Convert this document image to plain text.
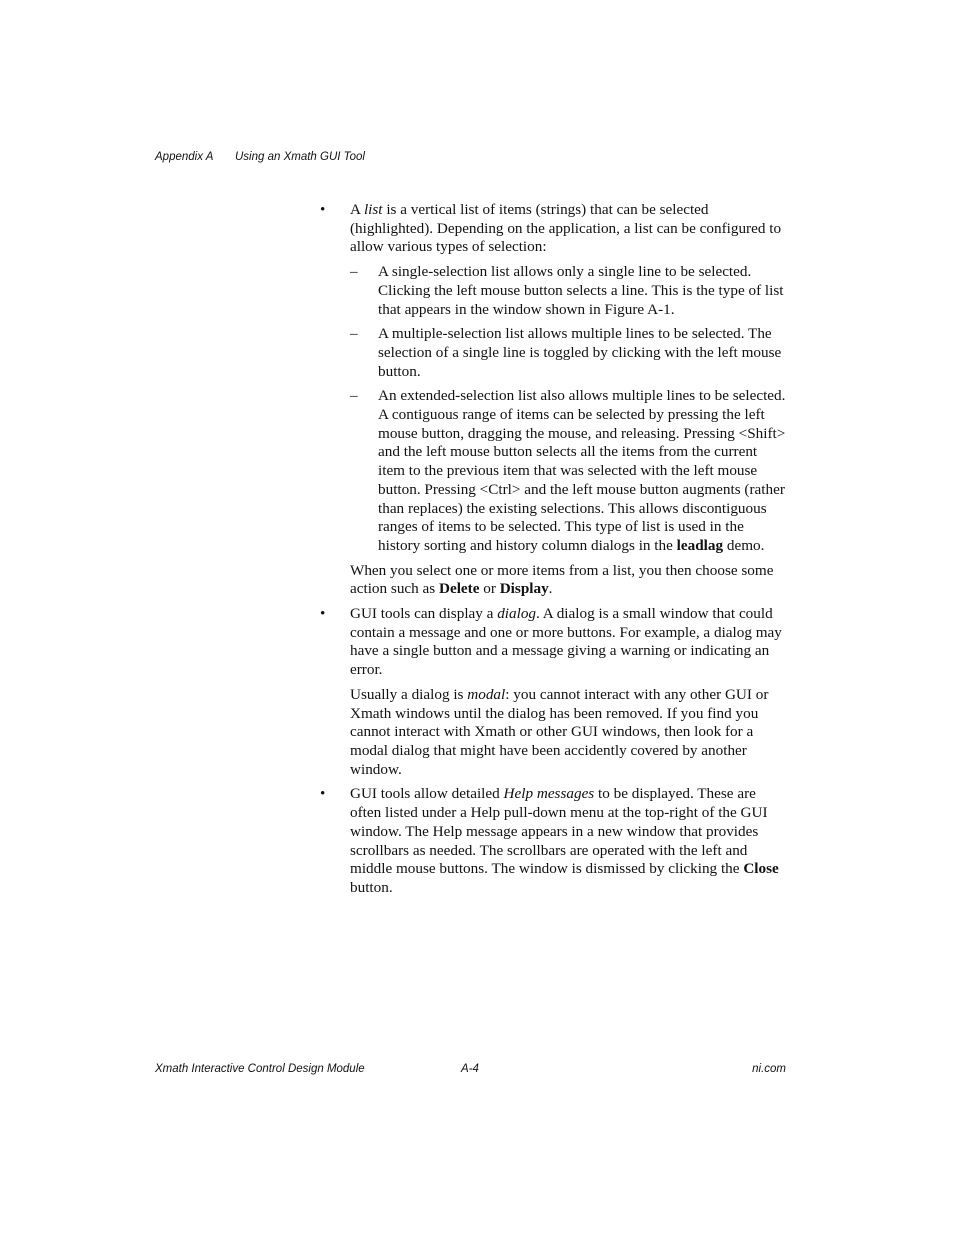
Appendix A Using an Xmath GUI Tool
•	A list is a vertical list of items (strings) that can be selected (highlighted). Depending on the application, a list can be configured to allow various types of selection:

– A single-selection list allows only a single line to be selected. Clicking the left mouse button selects a line. This is the type of list that appears in the window shown in Figure A-1.
– A multiple-selection list allows multiple lines to be selected. The selection of a single line is toggled by clicking with the left mouse button.
– An extended-selection list also allows multiple lines to be selected. A contiguous range of items can be selected by pressing the left mouse button, dragging the mouse, and releasing. Pressing <Shift> and the left mouse button selects all the items from the current item to the previous item that was selected with the left mouse button. Pressing <Ctrl> and the left mouse button augments (rather than replaces) the existing selections. This allows discontiguous ranges of items to be selected. This type of list is used in the history sorting and history column dialogs in the leadlag demo.

When you select one or more items from a list, you then choose some action such as Delete or Display.

•	GUI tools can display a dialog. A dialog is a small window that could contain a message and one or more buttons. For example, a dialog may have a single button and a message giving a warning or indicating an error.

Usually a dialog is modal: you cannot interact with any other GUI or Xmath windows until the dialog has been removed. If you find you cannot interact with Xmath or other GUI windows, then look for a modal dialog that might have been accidently covered by another window.

•	GUI tools allow detailed Help messages to be displayed. These are often listed under a Help pull-down menu at the top-right of the GUI window. The Help message appears in a new window that provides scrollbars as needed. The scrollbars are operated with the left and middle mouse buttons. The window is dismissed by clicking the Close button.

Xmath Interactive Control Design Module	A-4	ni.com
